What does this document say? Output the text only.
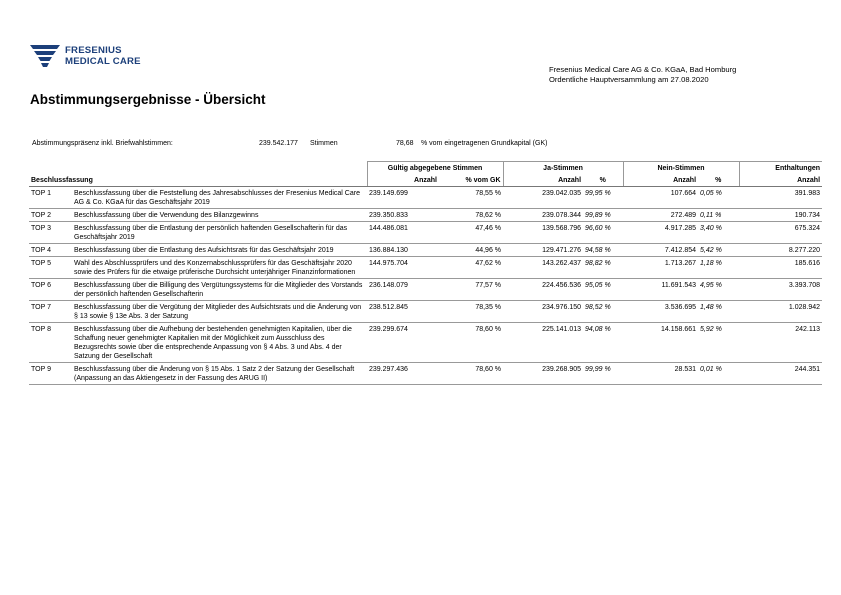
FRESENIUS
MEDICAL CARE
Fresenius Medical Care AG & Co. KGaA, Bad Homburg
Ordentliche Hauptversammlung am 27.08.2020
Abstimmungsergebnisse - Übersicht
Abstimmungspräsenz inkl. Briefwahlstimmen:	239.542.177 Stimmen	78,68 % vom eingetragenen Grundkapital (GK)
		Gültig abgegebene Stimmen		Ja-Stimmen		Nein-Stimmen		Enthaltungen
Beschlussfassung		Anzahl	% vom GK	Anzahl	%	Anzahl	%	Anzahl
TOP 1	Beschlussfassung über die Feststellung des Jahresabschlusses der Fresenius Medical Care AG & Co. KGaA für das Geschäftsjahr 2019	239.149.699	78,55 %	239.042.035	99,95 %	107.664	0,05 %	391.983
TOP 2	Beschlussfassung über die Verwendung des Bilanzgewinns	239.350.833	78,62 %	239.078.344	99,89 %	272.489	0,11 %	190.734
TOP 3	Beschlussfassung über die Entlastung der persönlich haftenden Gesellschafterin für das Geschäftsjahr 2019	144.486.081	47,46 %	139.568.796	96,60 %	4.917.285	3,40 %	675.324
TOP 4	Beschlussfassung über die Entlastung des Aufsichtsrats für das Geschäftsjahr 2019	136.884.130	44,96 %	129.471.276	94,58 %	7.412.854	5,42 %	8.277.220
TOP 5	Wahl des Abschlussprüfers und des Konzernabschlussprüfers für das Geschäftsjahr 2020 sowie des Prüfers für die etwaige prüferische Durchsicht unterjähriger Finanzinformationen	144.975.704	47,62 %	143.262.437	98,82 %	1.713.267	1,18 %	185.616
TOP 6	Beschlussfassung über die Billigung des Vergütungssystems für die Mitglieder des Vorstands der persönlich haftenden Gesellschafterin	236.148.079	77,57 %	224.456.536	95,05 %	11.691.543	4,95 %	3.393.708
TOP 7	Beschlussfassung über die Vergütung der Mitglieder des Aufsichtsrats und die Änderung von § 13 sowie § 13e Abs. 3 der Satzung	238.512.845	78,35 %	234.976.150	98,52 %	3.536.695	1,48 %	1.028.942
TOP 8	Beschlussfassung über die Aufhebung der bestehenden genehmigten Kapitalien, über die Schaffung neuer genehmigter Kapitalien mit der Möglichkeit zum Ausschluss des Bezugsrechts sowie über die entsprechende Anpassung von § 4 Abs. 3 und Abs. 4 der Satzung der Gesellschaft	239.299.674	78,60 %	225.141.013	94,08 %	14.158.661	5,92 %	242.113
TOP 9	Beschlussfassung über die Änderung von § 15 Abs. 1 Satz 2 der Satzung der Gesellschaft (Anpassung an das Aktiengesetz in der Fassung des ARUG II)	239.297.436	78,60 %	239.268.905	99,99 %	28.531	0,01 %	244.351
